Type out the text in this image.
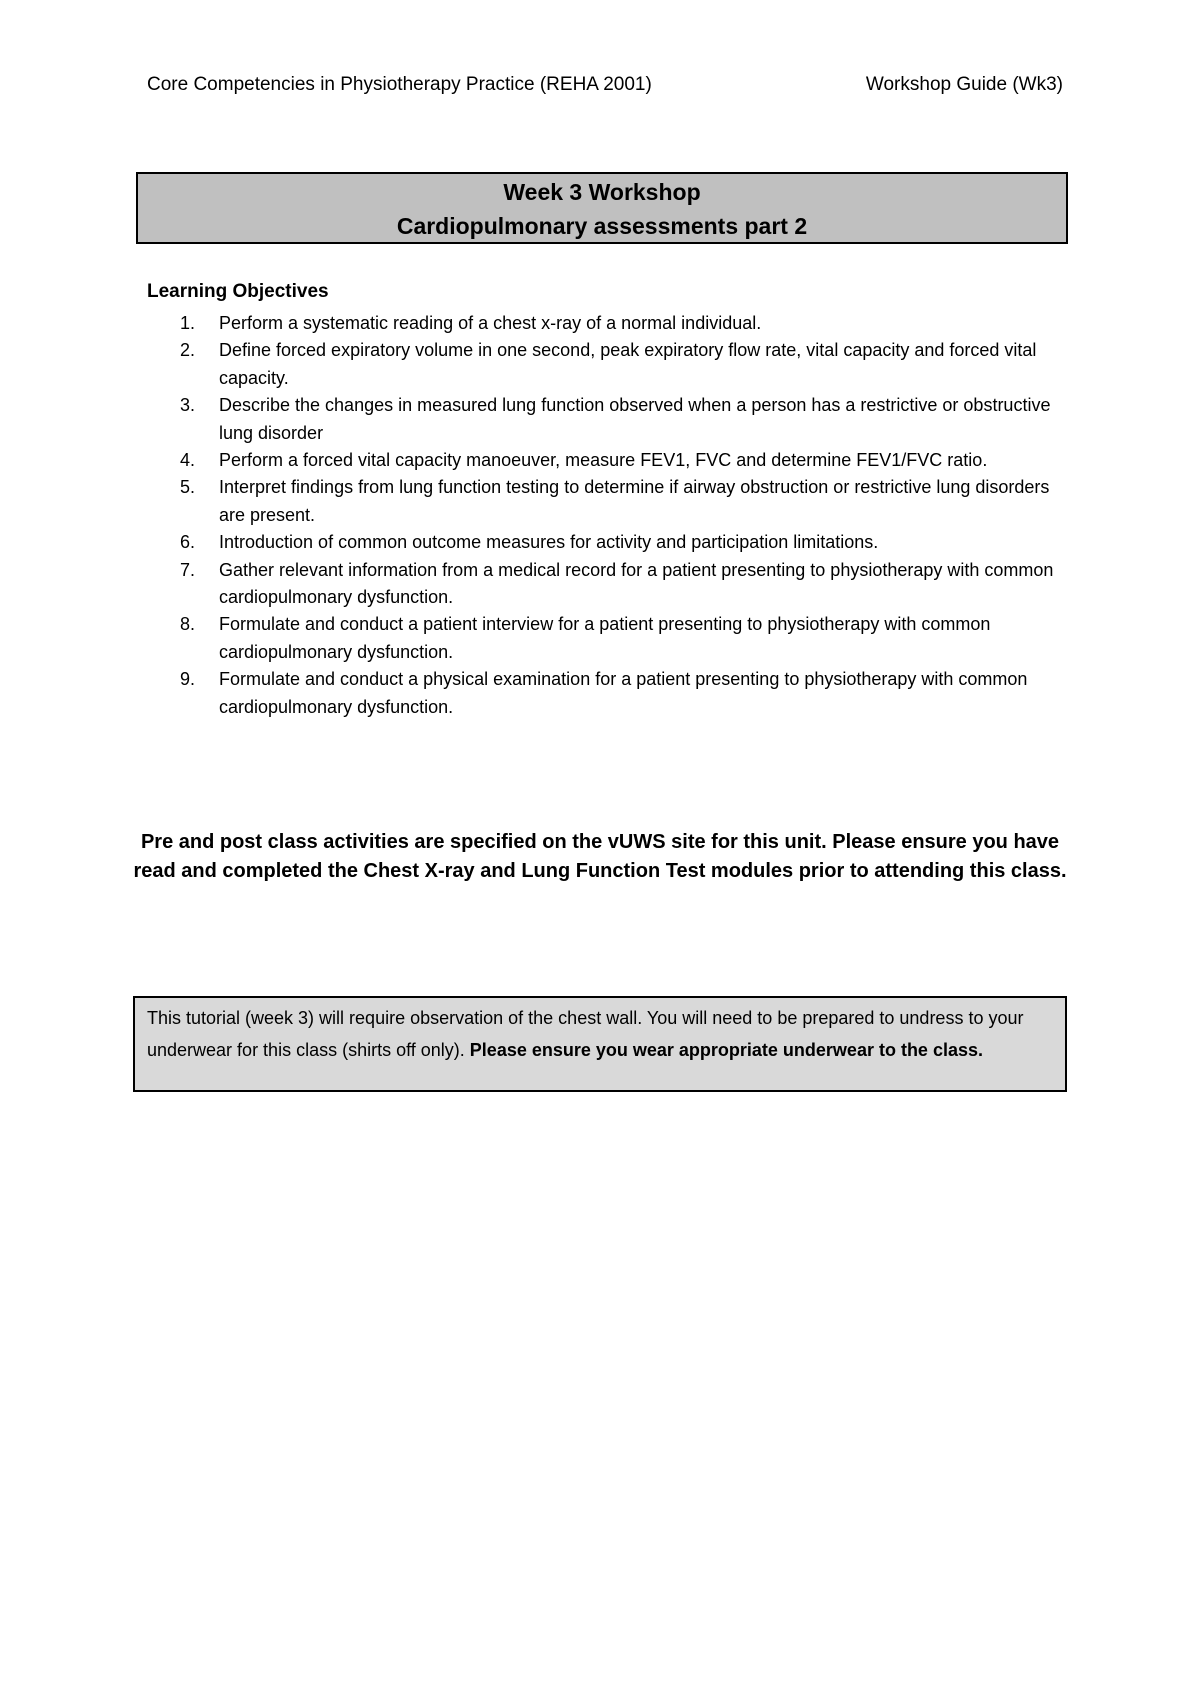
Core Competencies in Physiotherapy Practice (REHA 2001)	Workshop Guide (Wk3)
Week 3 Workshop
Cardiopulmonary assessments part 2
Learning Objectives
1. Perform a systematic reading of a chest x-ray of a normal individual.
2. Define forced expiratory volume in one second, peak expiratory flow rate, vital capacity and forced vital capacity.
3. Describe the changes in measured lung function observed when a person has a restrictive or obstructive lung disorder
4. Perform a forced vital capacity manoeuver, measure FEV1, FVC and determine FEV1/FVC ratio.
5. Interpret findings from lung function testing to determine if airway obstruction or restrictive lung disorders are present.
6. Introduction of common outcome measures for activity and participation limitations.
7. Gather relevant information from a medical record for a patient presenting to physiotherapy with common cardiopulmonary dysfunction.
8. Formulate and conduct a patient interview for a patient presenting to physiotherapy with common cardiopulmonary dysfunction.
9. Formulate and conduct a physical examination for a patient presenting to physiotherapy with common cardiopulmonary dysfunction.
Pre and post class activities are specified on the vUWS site for this unit. Please ensure you have read and completed the Chest X-ray and Lung Function Test modules prior to attending this class.
This tutorial (week 3) will require observation of the chest wall. You will need to be prepared to undress to your underwear for this class (shirts off only). Please ensure you wear appropriate underwear to the class.
